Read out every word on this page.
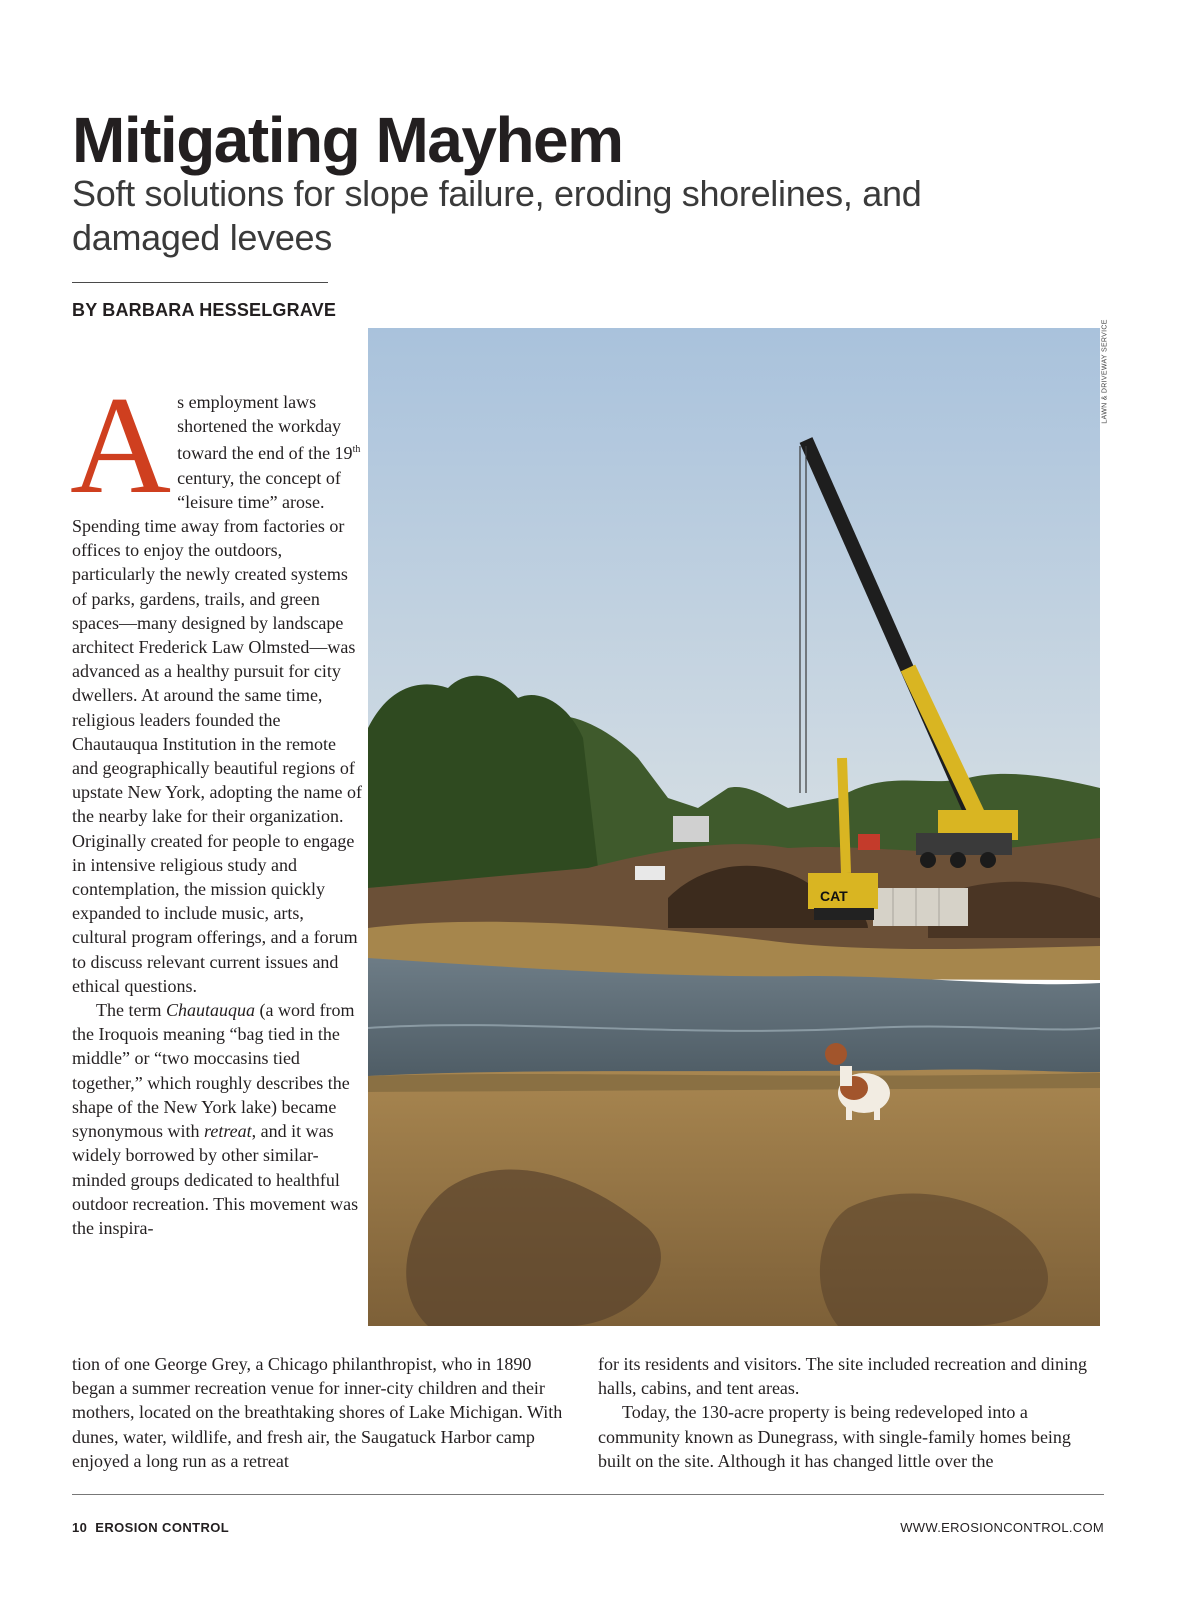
Mitigating Mayhem
Soft solutions for slope failure, eroding shorelines, and damaged levees
BY BARBARA HESSELGRAVE

As employment laws shortened the workday toward the end of the 19th century, the concept of “leisure time” arose. Spending time away from factories or offices to enjoy the outdoors, particularly the newly created systems of parks, gardens, trails, and green spaces—many designed by landscape architect Frederick Law Olmsted—was advanced as a healthy pursuit for city dwellers. At around the same time, religious leaders founded the Chautauqua Institution in the remote and geographically beautiful regions of upstate New York, adopting the name of the nearby lake for their organization. Originally created for people to engage in intensive religious study and contemplation, the mission quickly expanded to include music, arts, cultural program offerings, and a forum to discuss relevant current issues and ethical questions.

The term Chautauqua (a word from the Iroquois meaning “bag tied in the middle” or “two moccasins tied together,” which roughly describes the shape of the New York lake) became synonymous with retreat, and it was widely borrowed by other similar-minded groups dedicated to healthful outdoor recreation. This movement was the inspira-

tion of one George Grey, a Chicago philanthropist, who in 1890 began a summer recreation venue for inner-city children and their mothers, located on the breathtaking shores of Lake Michigan. With dunes, water, wildlife, and fresh air, the Saugatuck Harbor camp enjoyed a long run as a retreat

for its residents and visitors. The site included recreation and dining halls, cabins, and tent areas.

Today, the 130-acre property is being redeveloped into a community known as Dunegrass, with single-family homes being built on the site. Although it has changed little over the

LAWN & DRIVEWAY SERVICE
CAT
10 EROSION CONTROL	WWW.EROSIONCONTROL.COM
